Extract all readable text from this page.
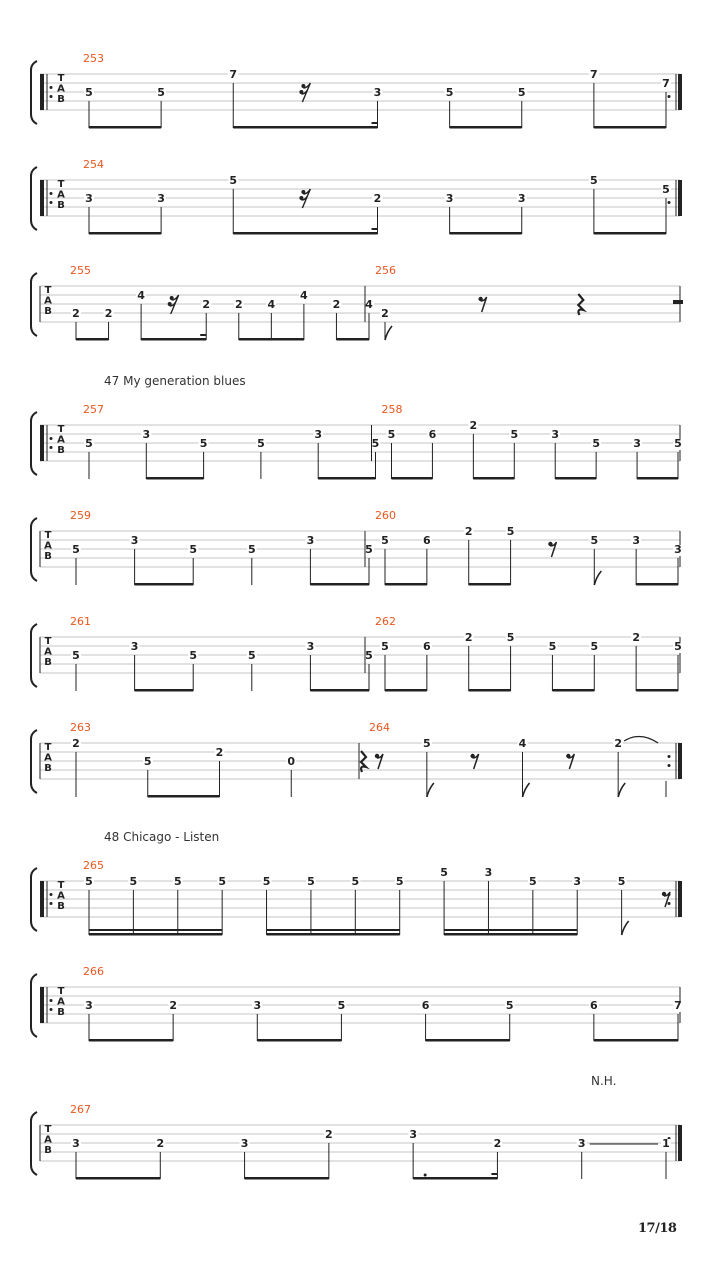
T
A
B
253
5	5
7
3	5	5
7
7
T
A
B
254
3	3
5
2	3	3
5
5
T
A
B
255
2 2
4
2 2 4
4
2 4
256
2
T
A
B
257
5
3
5	5
3
5
258
5	6
2
5	3
5	3	5
T
A
B
259
5
3
5	5
3
5
260
5	6
2	5
5	3
3
T
A
B
261
5
3
5	5
3
5
262
5	6
2	5
5	5
2
5
T
A
B
263
2
5
2
0
264
5	4	2
T
A
B
265
5	5	5	5	5	5	5	5
5	3
5	3	5
T
A
B
266
3	2	3	5	6	5	6	7
T
A
B
267
3	2	3
2	3
2	3	1
47 My generation blues
48 Chicago - Listen
N.H.
17/18
